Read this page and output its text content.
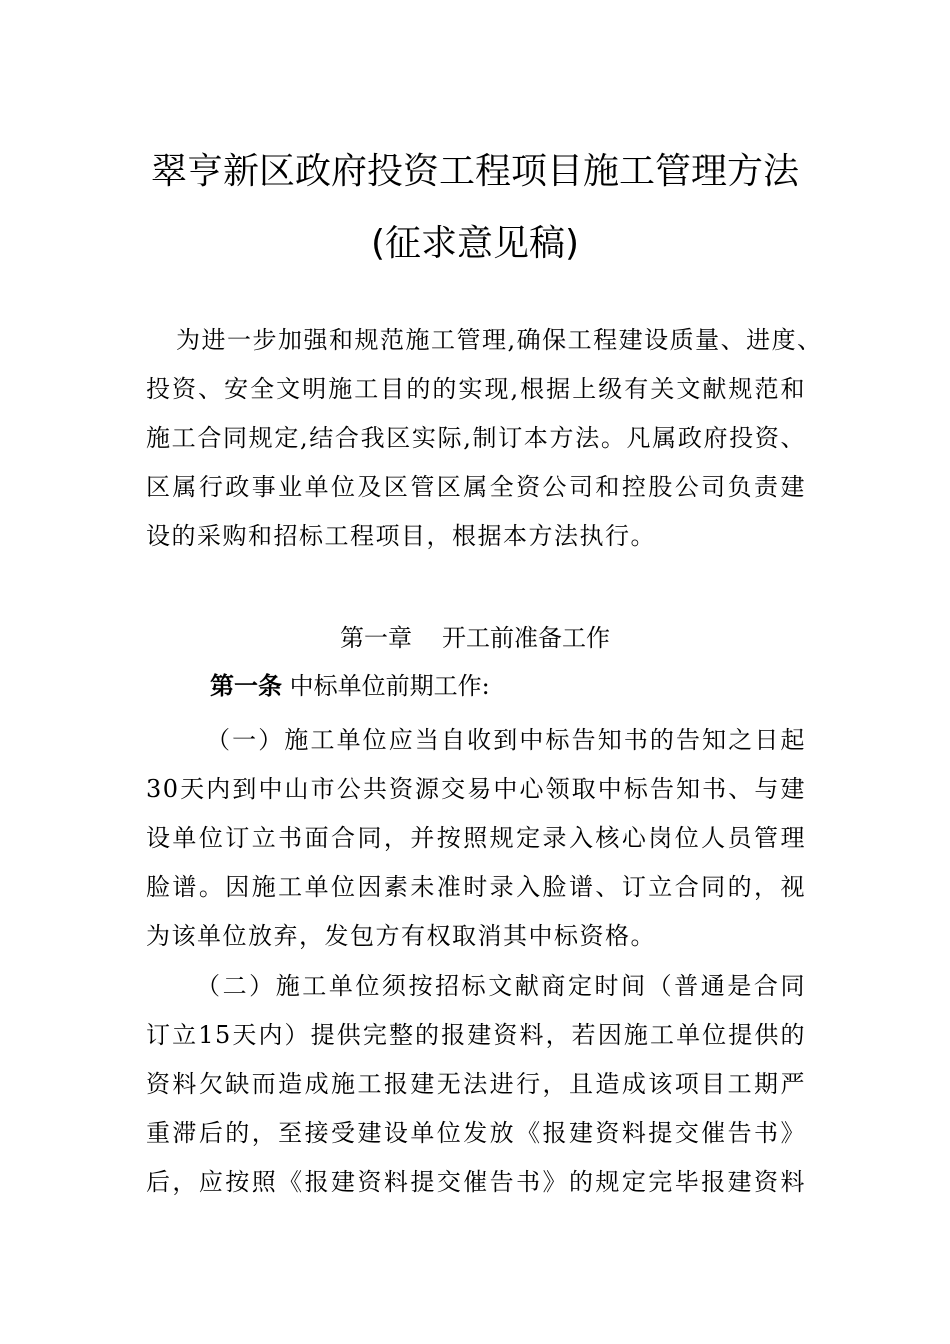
翠亨新区政府投资工程项目施工管理方法
(征求意见稿)
为进一步加强和规范施工管理,确保工程建设质量、进度、
投资、安全文明施工目的的实现,根据上级有关文献规范和
施工合同规定,结合我区实际,制订本方法。凡属政府投资、
区属行政事业单位及区管区属全资公司和控股公司负责建
设的采购和招标工程项目，根据本方法执行。
第一章 开工前准备工作
第一条 中标单位前期工作:
（一）施工单位应当自收到中标告知书的告知之日起
30天内到中山市公共资源交易中心领取中标告知书、与建
设单位订立书面合同，并按照规定录入核心岗位人员管理
脸谱。因施工单位因素未准时录入脸谱、订立合同的，视
为该单位放弃，发包方有权取消其中标资格。
（二）施工单位须按招标文献商定时间（普通是合同
订立15天内）提供完整的报建资料，若因施工单位提供的
资料欠缺而造成施工报建无法进行，且造成该项目工期严
重滞后的，至接受建设单位发放《报建资料提交催告书》
后，应按照《报建资料提交催告书》的规定完毕报建资料
